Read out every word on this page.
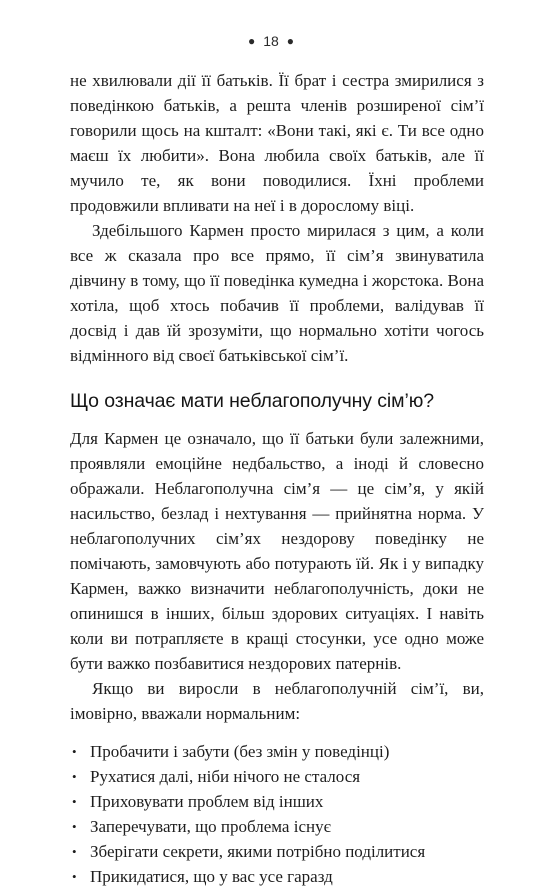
● 18 ●

не хвилювали дії її батьків. Її брат і сестра змирилися з поведінкою батьків, а решта членів розширеної сім’ї говорили щось на кшталт: «Вони такі, які є. Ти все одно маєш їх любити». Вона любила своїх батьків, але її мучило те, як вони поводилися. Їхні проблеми продовжили впливати на неї і в дорослому віці.

Здебільшого Кармен просто мирилася з цим, а коли все ж сказала про все прямо, її сім’я звинуватила дівчину в тому, що її поведінка кумедна і жорстока. Вона хотіла, щоб хтось побачив її проблеми, валідував її досвід і дав їй зрозуміти, що нормально хотіти чогось відмінного від своєї батьківської сім’ї.

Що означає мати неблагополучну сім’ю?

Для Кармен це означало, що її батьки були залежними, проявляли емоційне недбальство, а іноді й словесно ображали. Неблагополучна сім’я — це сім’я, у якій насильство, безлад і нехтування — прийнятна норма. У неблагополучних сім’ях нездорову поведінку не помічають, замовчують або потурають їй. Як і у випадку Кармен, важко визначити неблагополучність, доки не опинишся в інших, більш здорових ситуаціях. І навіть коли ви потрапляєте в кращі стосунки, усе одно може бути важко позбавитися нездорових патернів.

Якщо ви виросли в неблагополучній сім’ї, ви, імовірно, вважали нормальним:

• Пробачити і забути (без змін у поведінці)
• Рухатися далі, ніби нічого не сталося
• Приховувати проблем від інших
• Заперечувати, що проблема існує
• Зберігати секрети, якими потрібно поділитися
• Прикидатися, що у вас усе гаразд
